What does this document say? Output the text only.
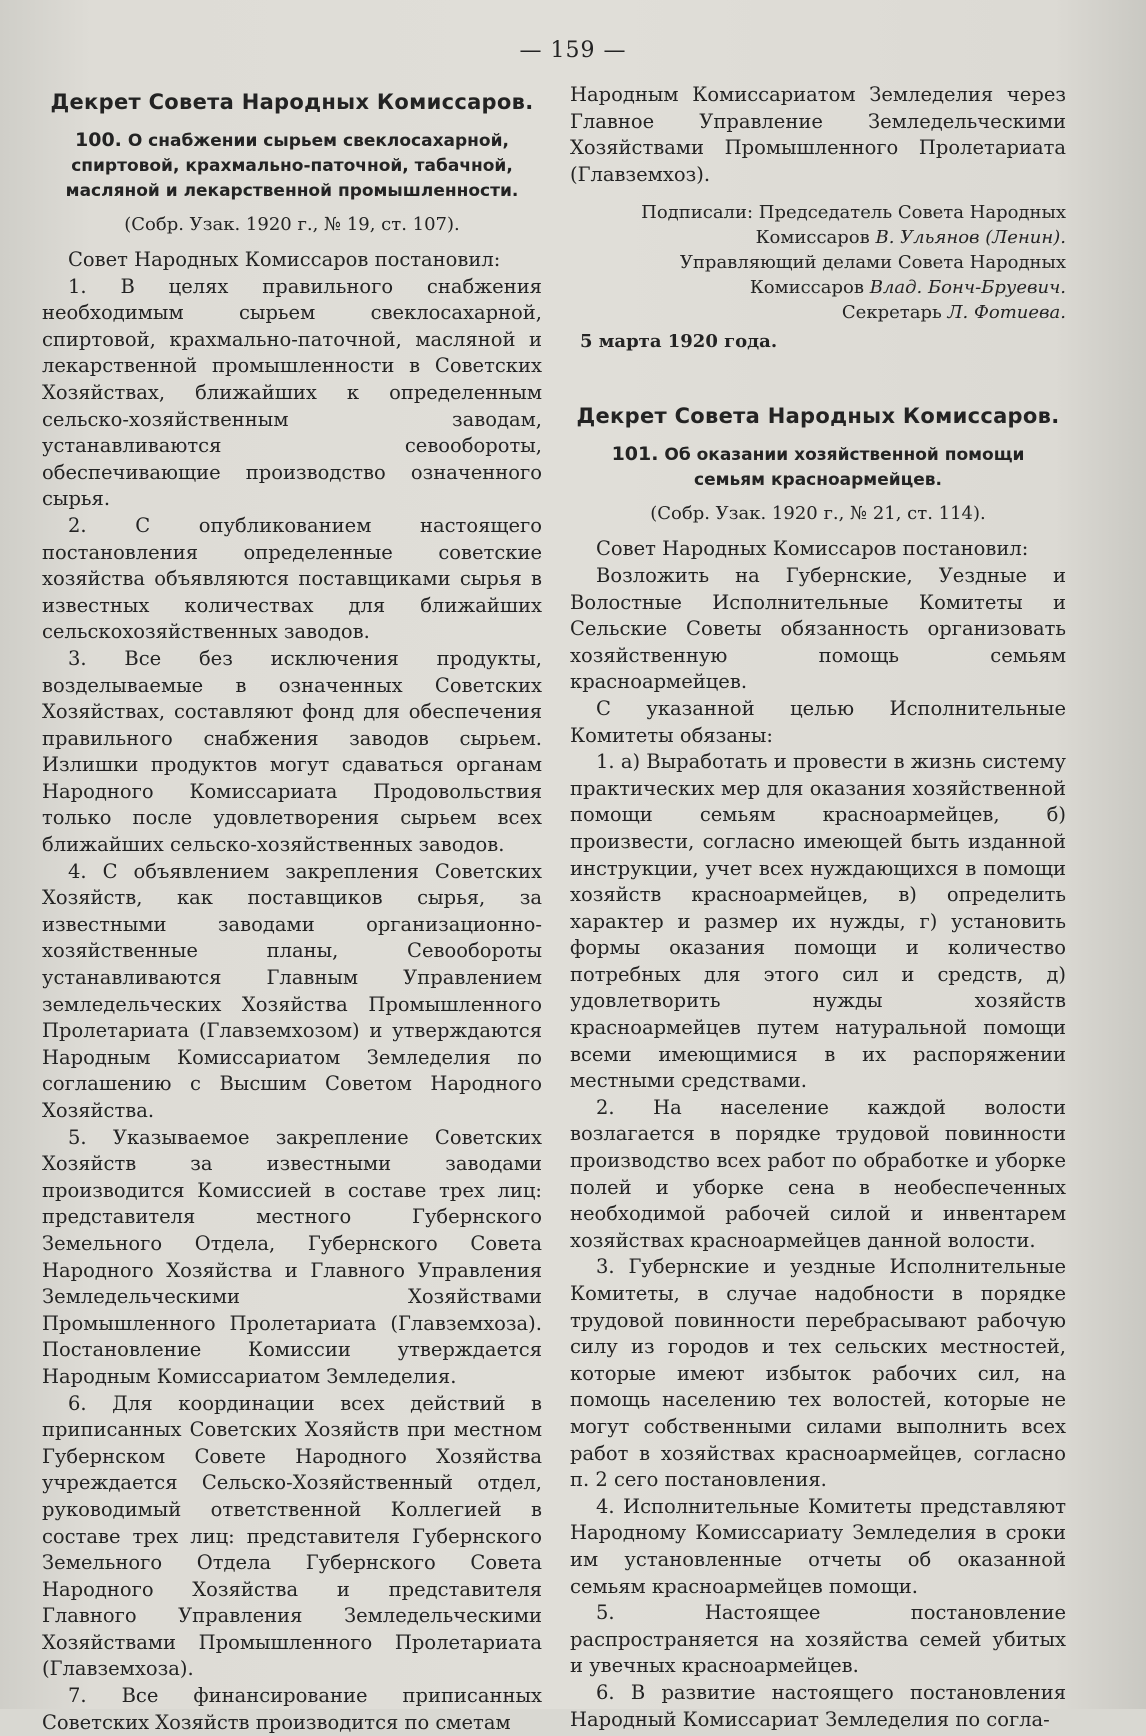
— 159 —
Декрет Совета Народных Комиссаров.
100. О снабжении сырьем свеклосахарной, спиртовой, крахмально-паточной, табачной, масляной и лекарственной промышленности.
(Собр. Узак. 1920 г., № 19, ст. 107).

Совет Народных Комиссаров постановил:

1. В целях правильного снабжения необходимым сырьем свеклосахарной, спиртовой, крахмально-паточной, масляной и лекарственной промышленности в Советских Хозяйствах, ближайших к определенным сельско-хозяйственным заводам, устанавливаются севообороты, обеспечивающие производство означенного сырья.

2. С опубликованием настоящего постановления определенные советские хозяйства объявляются поставщиками сырья в известных количествах для ближайших сельскохозяйственных заводов.

3. Все без исключения продукты, возделываемые в означенных Советских Хозяйствах, составляют фонд для обеспечения правильного снабжения заводов сырьем. Излишки продуктов могут сдаваться органам Народного Комиссариата Продовольствия только после удовлетворения сырьем всех ближайших сельско-хозяйственных заводов.

4. С объявлением закрепления Советских Хозяйств, как поставщиков сырья, за известными заводами организационно-хозяйственные планы, Севообороты устанавливаются Главным Управлением земледельческих Хозяйства Промышленного Пролетариата (Главземхозом) и утверждаются Народным Комиссариатом Земледелия по соглашению с Высшим Советом Народного Хозяйства.

5. Указываемое закрепление Советских Хозяйств за известными заводами производится Комиссией в составе трех лиц: представителя местного Губернского Земельного Отдела, Губернского Совета Народного Хозяйства и Главного Управления Земледельческими Хозяйствами Промышленного Пролетариата (Главземхоза). Постановление Комиссии утверждается Народным Комиссариатом Земледелия.

6. Для координации всех действий в приписанных Советских Хозяйств при местном Губернском Совете Народного Хозяйства учреждается Сельско-Хозяйственный отдел, руководимый ответственной Коллегией в составе трех лиц: представителя Губернского Земельного Отдела Губернского Совета Народного Хозяйства и представителя Главного Управления Земледельческими Хозяйствами Промышленного Пролетариата (Главземхоза).

7. Все финансирование приписанных Советских Хозяйств производится по сметам

Народным Комиссариатом Земледелия через Главное Управление Земледельческими Хозяйствами Промышленного Пролетариата (Главземхоз).

Подписали: Председатель Совета Народных
Комиссаров В. Ульянов (Ленин).
Управляющий делами Совета Народных
Комиссаров Влад. Бонч-Бруевич.
Секретарь Л. Фотиева.
5 марта 1920 года.
Декрет Совета Народных Комиссаров.
101. Об оказании хозяйственной помощи семьям красноармейцев.
(Собр. Узак. 1920 г., № 21, ст. 114).

Совет Народных Комиссаров постановил:

Возложить на Губернские, Уездные и Волостные Исполнительные Комитеты и Сельские Советы обязанность организовать хозяйственную помощь семьям красноармейцев.

С указанной целью Исполнительные Комитеты обязаны:

1. а) Выработать и провести в жизнь систему практических мер для оказания хозяйственной помощи семьям красноармейцев, б) произвести, согласно имеющей быть изданной инструкции, учет всех нуждающихся в помощи хозяйств красноармейцев, в) определить характер и размер их нужды, г) установить формы оказания помощи и количество потребных для этого сил и средств, д) удовлетворить нужды хозяйств красноармейцев путем натуральной помощи всеми имеющимися в их распоряжении местными средствами.

2. На население каждой волости возлагается в порядке трудовой повинности производство всех работ по обработке и уборке полей и уборке сена в необеспеченных необходимой рабочей силой и инвентарем хозяйствах красноармейцев данной волости.

3. Губернские и уездные Исполнительные Комитеты, в случае надобности в порядке трудовой повинности перебрасывают рабочую силу из городов и тех сельских местностей, которые имеют избыток рабочих сил, на помощь населению тех волостей, которые не могут собственными силами выполнить всех работ в хозяйствах красноармейцев, согласно п. 2 сего постановления.

4. Исполнительные Комитеты представляют Народному Комиссариату Земледелия в сроки им установленные отчеты об оказанной семьям красноармейцев помощи.

5. Настоящее постановление распространяется на хозяйства семей убитых и увечных красноармейцев.

6. В развитие настоящего постановления Народный Комиссариат Земледелия по согла-
